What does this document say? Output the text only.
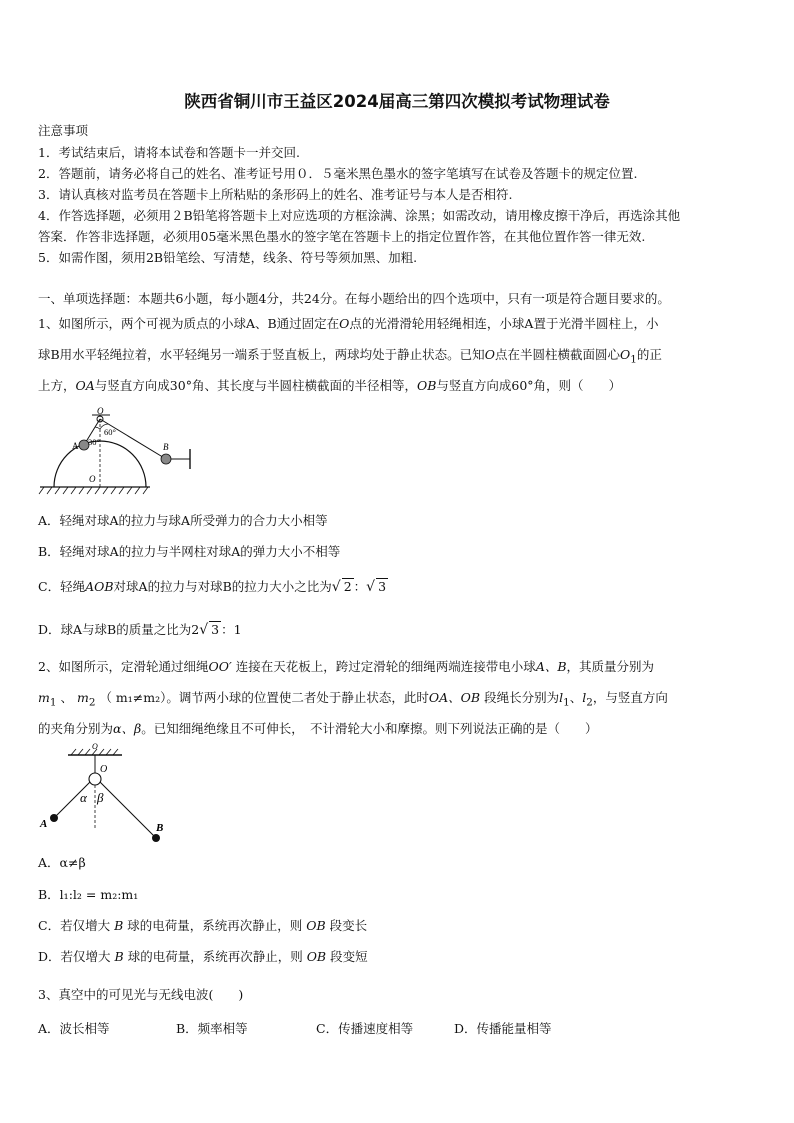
陕西省铜川市王益区2024届高三第四次模拟考试物理试卷
注意事项
1．考试结束后，请将本试卷和答题卡一并交回.
2．答题前，请务必将自己的姓名、准考证号用０．５毫米黑色墨水的签字笔填写在试卷及答题卡的规定位置.
3．请认真核对监考员在答题卡上所粘贴的条形码上的姓名、准考证号与本人是否相符.
4．作答选择题，必须用２B铅笔将答题卡上对应选项的方框涂满、涂黑；如需改动，请用橡皮擦干净后，再选涂其他
答案．作答非选择题，必须用05毫米黑色墨水的签字笔在答题卡上的指定位置作答，在其他位置作答一律无效.
5．如需作图，须用2B铅笔绘、写清楚，线条、符号等须加黑、加粗.
一、单项选择题：本题共6小题，每小题4分，共24分。在每小题给出的四个选项中，只有一项是符合题目要求的。
1、如图所示，两个可视为质点的小球A、B通过固定在O点的光滑滑轮用轻绳相连，小球A置于光滑半圆柱上，小
球B用水平轻绳拉着，水平轻绳另一端系于竖直板上，两球均处于静止状态。已知O点在半圆柱横截面圆心$O_1$的正
上方，OA与竖直方向成30°角、其长度与半圆柱横截面的半径相等，OB与竖直方向成60°角，则（　　）
O
A	B
O
30°
60°
A．轻绳对球A的拉力与球A所受弹力的合力大小相等
B．轻绳对球A的拉力与半网柱对球A的弹力大小不相等
C．轻绳AOB对球A的拉力与对球B的拉力大小之比为√ 2 ：√ 3
D．球A与球B的质量之比为2√ 3 ：1
2、如图所示，定滑轮通过细绳OO′ 连接在天花板上，跨过定滑轮的细绳两端连接带电小球A、B，其质量分别为
$m_1$ 、 $m_2$ （ m₁≠m₂）。调节两小球的位置使二者处于静止状态，此时OA、OB 段绳长分别为$l_1$、$l_2$，与竖直方向
的夹角分别为α、β。已知细绳绝缘且不可伸长，　不计滑轮大小和摩擦。则下列说法正确的是（　　）
O
O
α β
A	B
A．α≠β
B．l₁:l₂ = m₂:m₁
C．若仅增大 B 球的电荷量，系统再次静止，则 OB 段变长
D．若仅增大 B 球的电荷量，系统再次静止，则 OB 段变短
3、真空中的可见光与无线电波(　　)
A．波长相等	B．频率相等	C．传播速度相等	D．传播能量相等
